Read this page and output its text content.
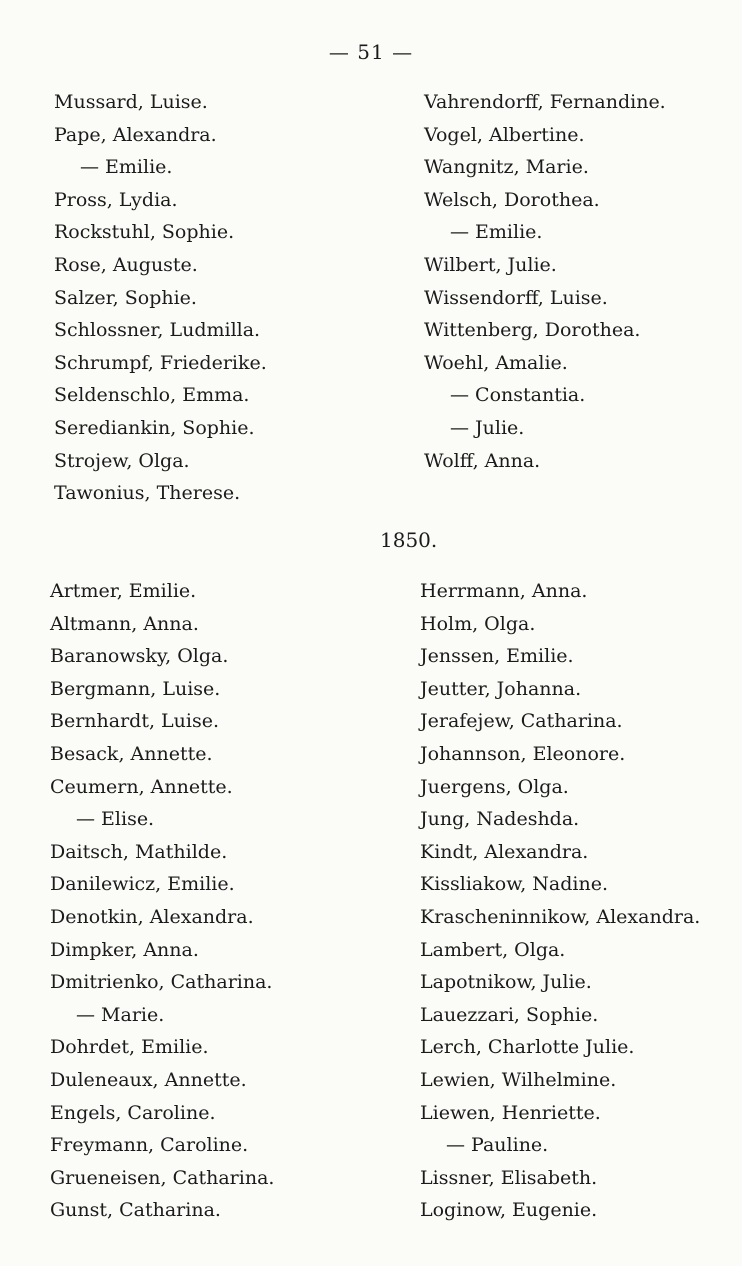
— 51 —
Mussard, Luise.
Pape, Alexandra.
— Emilie.
Pross, Lydia.
Rockstuhl, Sophie.
Rose, Auguste.
Salzer, Sophie.
Schlossner, Ludmilla.
Schrumpf, Friederike.
Seldenschlo, Emma.
Serediankin, Sophie.
Strojew, Olga.
Tawonius, Therese.
Vahrendorff, Fernandine.
Vogel, Albertine.
Wangnitz, Marie.
Welsch, Dorothea.
— Emilie.
Wilbert, Julie.
Wissendorff, Luise.
Wittenberg, Dorothea.
Woehl, Amalie.
— Constantia.
— Julie.
Wolff, Anna.
1850.
Artmer, Emilie.
Altmann, Anna.
Baranowsky, Olga.
Bergmann, Luise.
Bernhardt, Luise.
Besack, Annette.
Ceumern, Annette.
— Elise.
Daitsch, Mathilde.
Danilewicz, Emilie.
Denotkin, Alexandra.
Dimpker, Anna.
Dmitrienko, Catharina.
— Marie.
Dohrdet, Emilie.
Duleneaux, Annette.
Engels, Caroline.
Freymann, Caroline.
Grueneisen, Catharina.
Gunst, Catharina.
Herrmann, Anna.
Holm, Olga.
Jenssen, Emilie.
Jeutter, Johanna.
Jerafejew, Catharina.
Johannson, Eleonore.
Juergens, Olga.
Jung, Nadeshda.
Kindt, Alexandra.
Kissliakow, Nadine.
Krascheninnikow, Alexandra.
Lambert, Olga.
Lapotnikow, Julie.
Lauezzari, Sophie.
Lerch, Charlotte Julie.
Lewien, Wilhelmine.
Liewen, Henriette.
— Pauline.
Lissner, Elisabeth.
Loginow, Eugenie.
